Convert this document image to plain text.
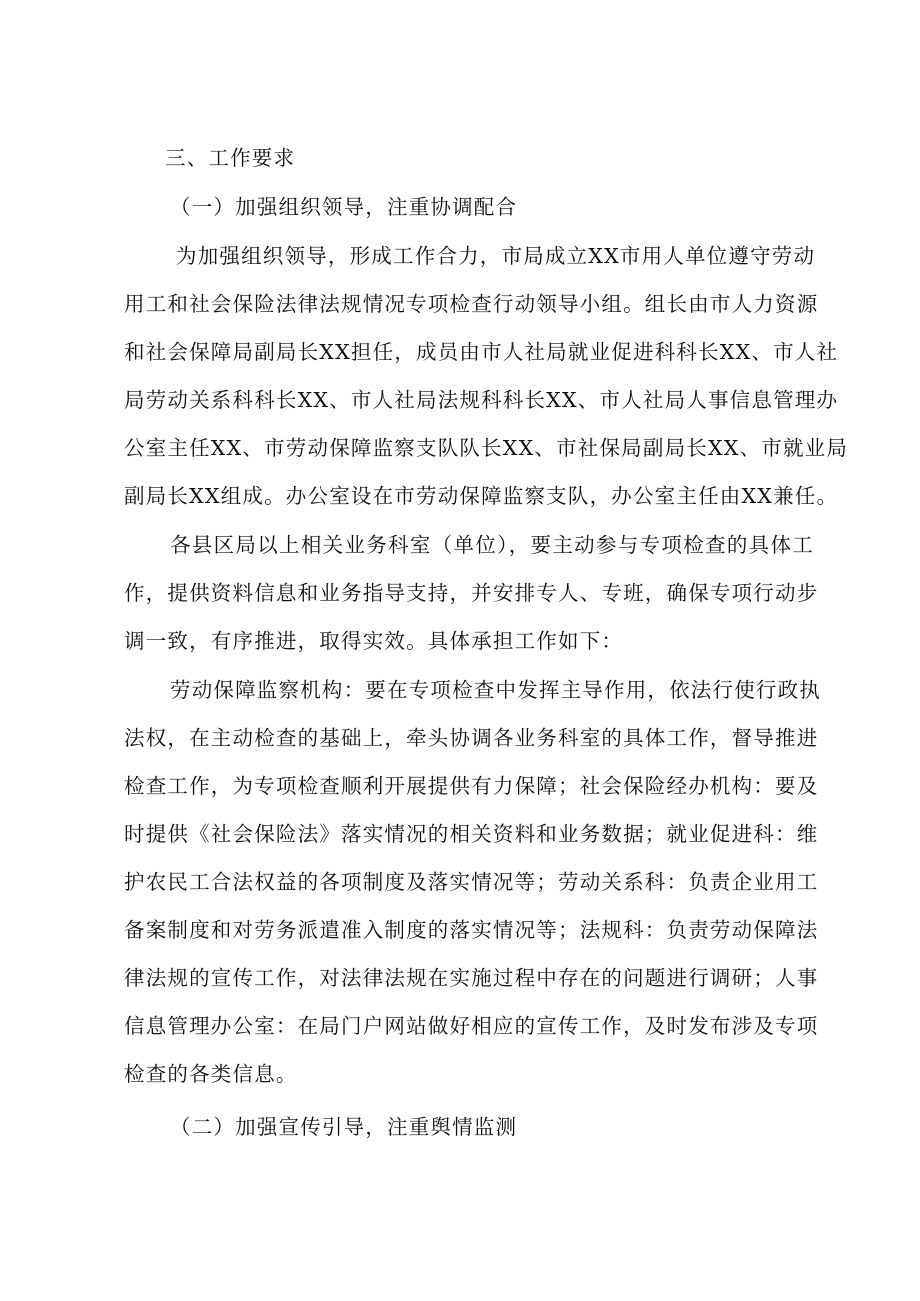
三、工作要求
（一）加强组织领导，注重协调配合
为加强组织领导，形成工作合力，市局成立XX市用人单位遵守劳动
用工和社会保险法律法规情况专项检查行动领导小组。组长由市人力资源
和社会保障局副局长XX担任，成员由市人社局就业促进科科长XX、市人社
局劳动关系科科长XX、市人社局法规科科长XX、市人社局人事信息管理办
公室主任XX、市劳动保障监察支队队长XX、市社保局副局长XX、市就业局
副局长XX组成。办公室设在市劳动保障监察支队，办公室主任由XX兼任。
各县区局以上相关业务科室（单位），要主动参与专项检查的具体工
作，提供资料信息和业务指导支持，并安排专人、专班，确保专项行动步
调一致，有序推进，取得实效。具体承担工作如下：
劳动保障监察机构：要在专项检查中发挥主导作用，依法行使行政执
法权，在主动检查的基础上，牵头协调各业务科室的具体工作，督导推进
检查工作，为专项检查顺利开展提供有力保障；社会保险经办机构：要及
时提供《社会保险法》落实情况的相关资料和业务数据；就业促进科：维
护农民工合法权益的各项制度及落实情况等；劳动关系科：负责企业用工
备案制度和对劳务派遣准入制度的落实情况等；法规科：负责劳动保障法
律法规的宣传工作，对法律法规在实施过程中存在的问题进行调研；人事
信息管理办公室：在局门户网站做好相应的宣传工作，及时发布涉及专项
检查的各类信息。
（二）加强宣传引导，注重舆情监测
